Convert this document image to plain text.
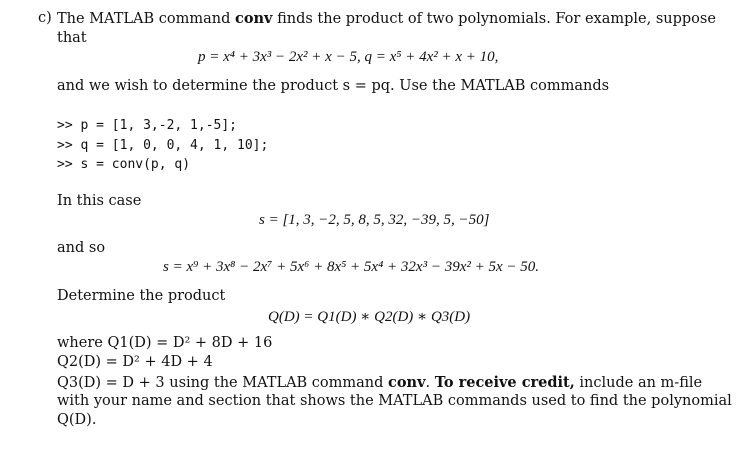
c) The MATLAB command conv finds the product of two polynomials. For example, suppose
that
p = x⁴ + 3x³ − 2x² + x − 5, q = x⁵ + 4x² + x + 10,
and we wish to determine the product s = pq. Use the MATLAB commands
>> p = [1, 3,-2, 1,-5];
>> q = [1, 0, 0, 4, 1, 10];
>> s = conv(p, q)
In this case
s = [1, 3, −2, 5, 8, 5, 32, −39, 5, −50]
and so
s = x⁹ + 3x⁸ − 2x⁷ + 5x⁶ + 8x⁵ + 5x⁴ + 32x³ − 39x² + 5x − 50.
Determine the product
Q(D) = Q1(D) ∗ Q2(D) ∗ Q3(D)
where Q1(D) = D² + 8D + 16
Q2(D) = D² + 4D + 4
Q3(D) = D + 3 using the MATLAB command conv. To receive credit, include an m-file
with your name and section that shows the MATLAB commands used to find the polynomial
Q(D).
